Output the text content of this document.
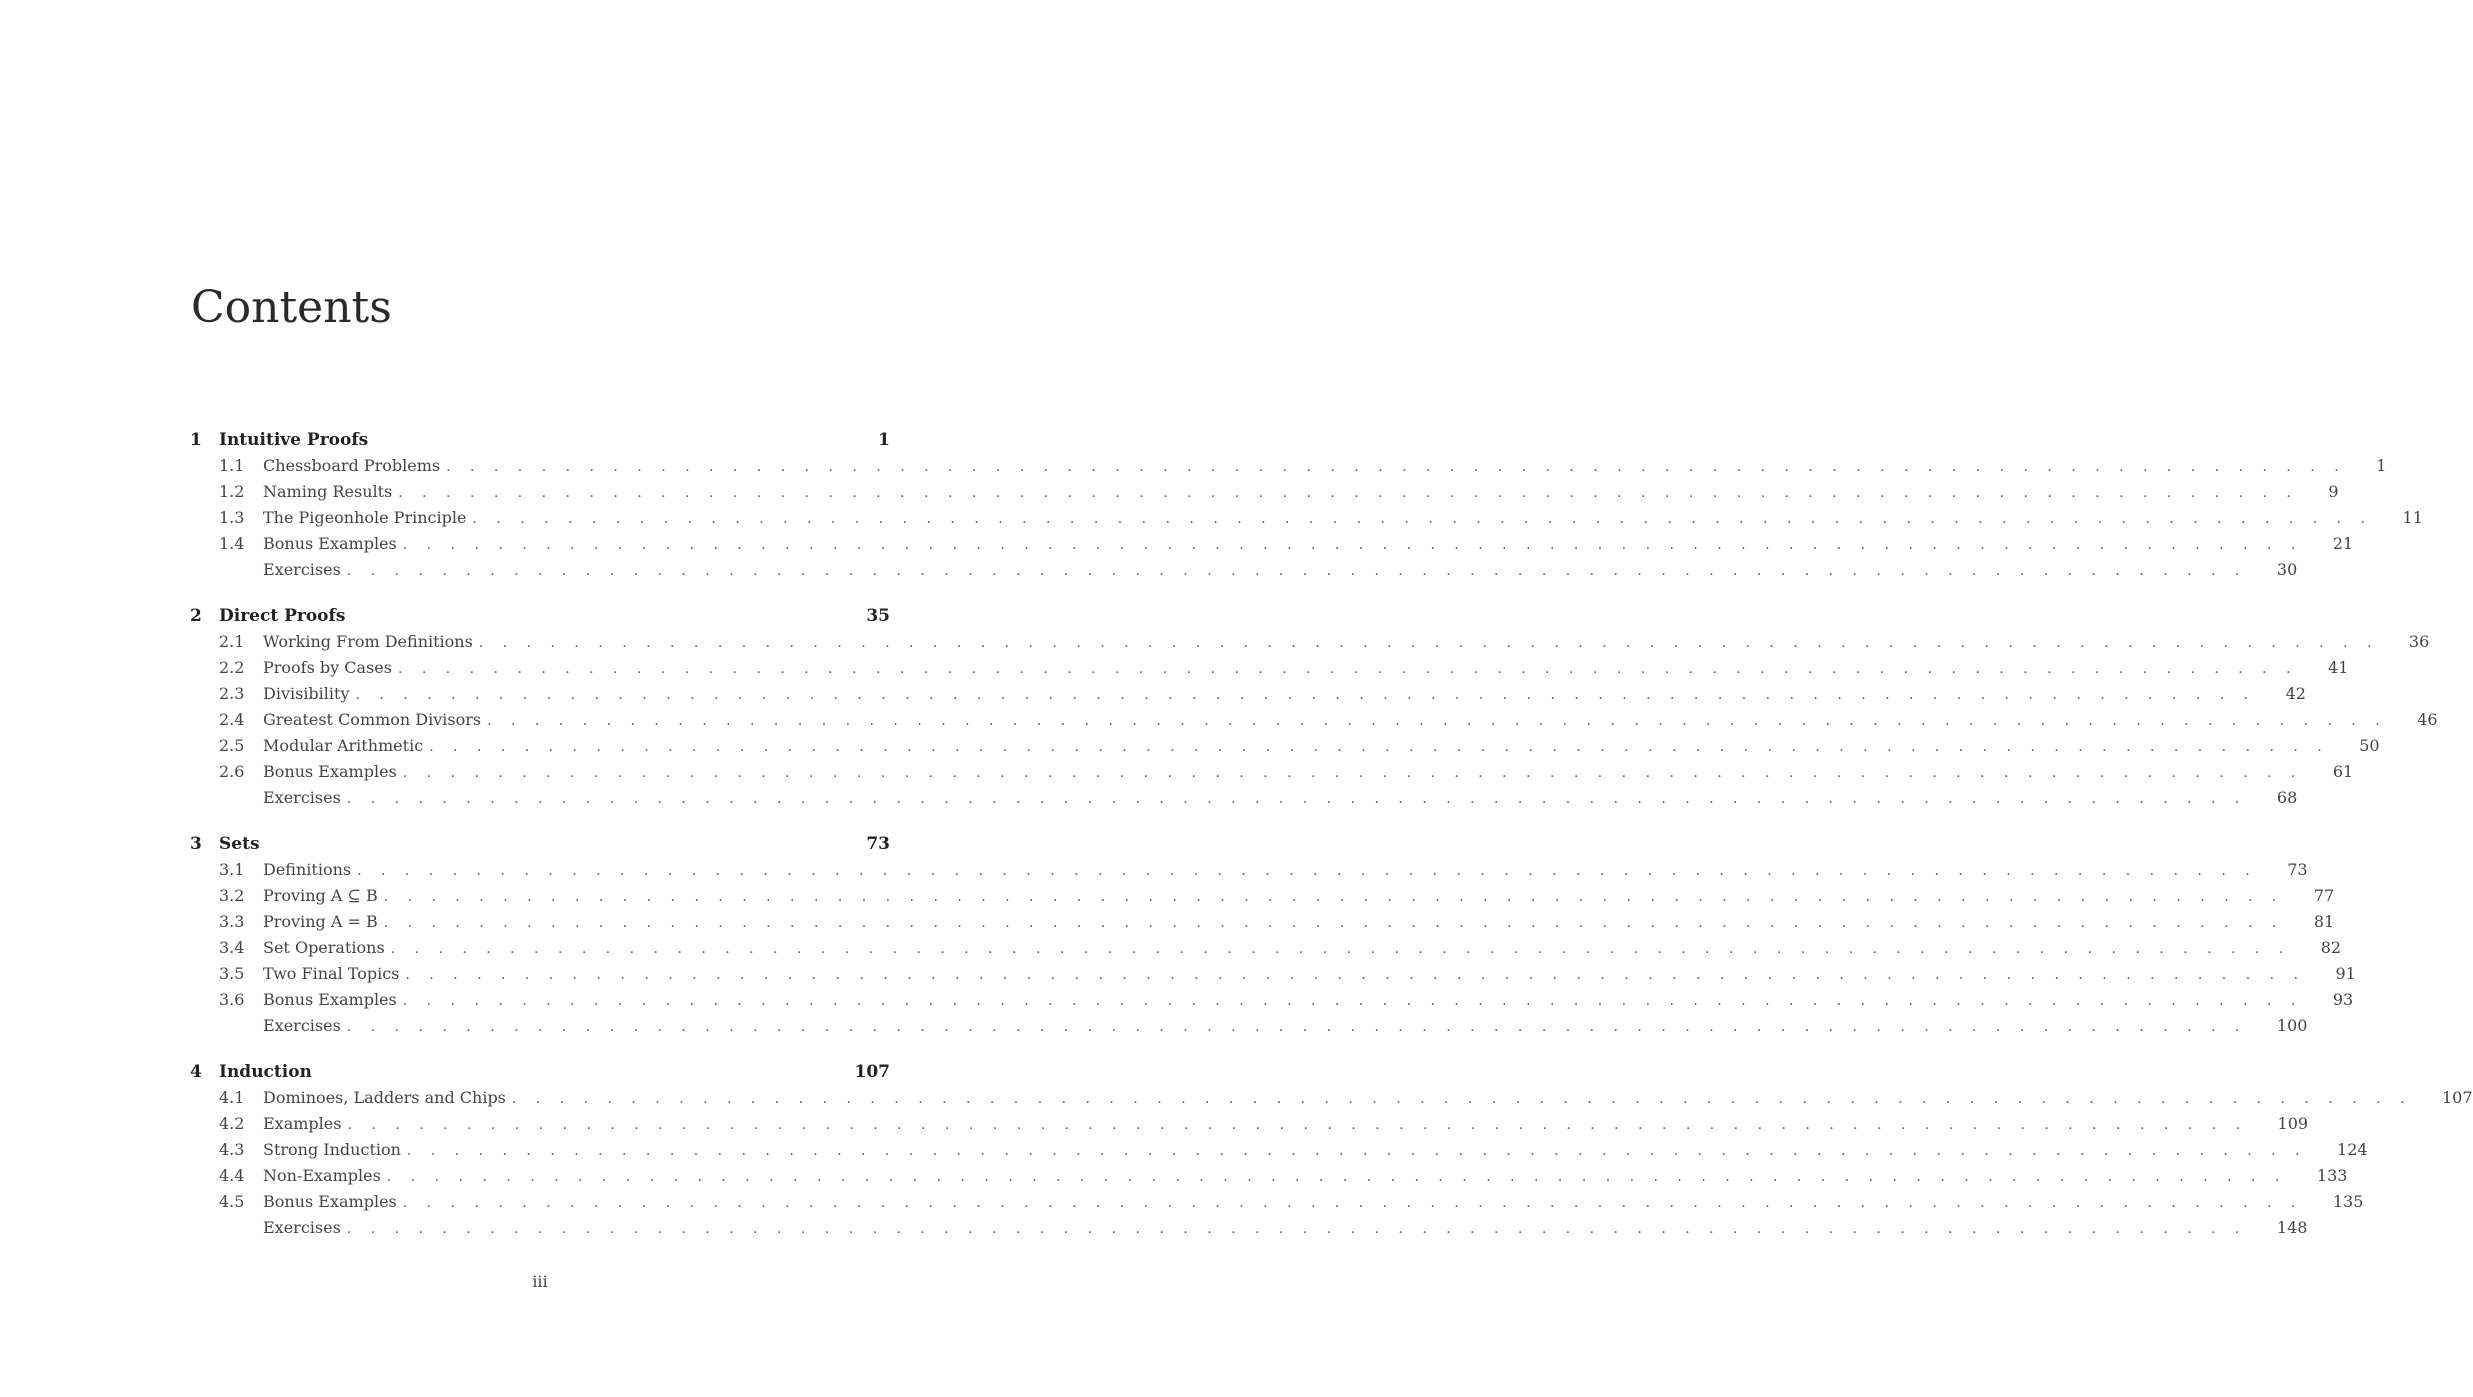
Contents
1 Intuitive Proofs	1
1.1 Chessboard Problems . . . . . . . . . . . . . . . . . . . . . . . . . . . . . . . . . . . . . . . . . . . . . . . . . . . . . . . . . . . . . . . . . . . . . . . . . . . . . . . . 1
1.2 Naming Results . . . . . . . . . . . . . . . . . . . . . . . . . . . . . . . . . . . . . . . . . . . . . . . . . . . . . . . . . . . . . . . . . . . . . . . . . . . . . . . . 9
1.3 The Pigeonhole Principle . . . . . . . . . . . . . . . . . . . . . . . . . . . . . . . . . . . . . . . . . . . . . . . . . . . . . . . . . . . . . . . . . . . . . . . . . . . . . . . . 11
1.4 Bonus Examples . . . . . . . . . . . . . . . . . . . . . . . . . . . . . . . . . . . . . . . . . . . . . . . . . . . . . . . . . . . . . . . . . . . . . . . . . . . . . . . . 21
Exercises . . . . . . . . . . . . . . . . . . . . . . . . . . . . . . . . . . . . . . . . . . . . . . . . . . . . . . . . . . . . . . . . . . . . . . . . . . . . . . . . 30
2 Direct Proofs	35
2.1 Working From Definitions . . . . . . . . . . . . . . . . . . . . . . . . . . . . . . . . . . . . . . . . . . . . . . . . . . . . . . . . . . . . . . . . . . . . . . . . . . . . . . . . 36
2.2 Proofs by Cases . . . . . . . . . . . . . . . . . . . . . . . . . . . . . . . . . . . . . . . . . . . . . . . . . . . . . . . . . . . . . . . . . . . . . . . . . . . . . . . . 41
2.3 Divisibility . . . . . . . . . . . . . . . . . . . . . . . . . . . . . . . . . . . . . . . . . . . . . . . . . . . . . . . . . . . . . . . . . . . . . . . . . . . . . . . . 42
2.4 Greatest Common Divisors . . . . . . . . . . . . . . . . . . . . . . . . . . . . . . . . . . . . . . . . . . . . . . . . . . . . . . . . . . . . . . . . . . . . . . . . . . . . . . . . 46
2.5 Modular Arithmetic . . . . . . . . . . . . . . . . . . . . . . . . . . . . . . . . . . . . . . . . . . . . . . . . . . . . . . . . . . . . . . . . . . . . . . . . . . . . . . . . 50
2.6 Bonus Examples . . . . . . . . . . . . . . . . . . . . . . . . . . . . . . . . . . . . . . . . . . . . . . . . . . . . . . . . . . . . . . . . . . . . . . . . . . . . . . . . 61
Exercises . . . . . . . . . . . . . . . . . . . . . . . . . . . . . . . . . . . . . . . . . . . . . . . . . . . . . . . . . . . . . . . . . . . . . . . . . . . . . . . . 68
3 Sets	73
3.1 Definitions . . . . . . . . . . . . . . . . . . . . . . . . . . . . . . . . . . . . . . . . . . . . . . . . . . . . . . . . . . . . . . . . . . . . . . . . . . . . . . . . 73
3.2 Proving A ⊆ B . . . . . . . . . . . . . . . . . . . . . . . . . . . . . . . . . . . . . . . . . . . . . . . . . . . . . . . . . . . . . . . . . . . . . . . . . . . . . . . . 77
3.3 Proving A = B . . . . . . . . . . . . . . . . . . . . . . . . . . . . . . . . . . . . . . . . . . . . . . . . . . . . . . . . . . . . . . . . . . . . . . . . . . . . . . . . 81
3.4 Set Operations . . . . . . . . . . . . . . . . . . . . . . . . . . . . . . . . . . . . . . . . . . . . . . . . . . . . . . . . . . . . . . . . . . . . . . . . . . . . . . . . 82
3.5 Two Final Topics . . . . . . . . . . . . . . . . . . . . . . . . . . . . . . . . . . . . . . . . . . . . . . . . . . . . . . . . . . . . . . . . . . . . . . . . . . . . . . . . 91
3.6 Bonus Examples . . . . . . . . . . . . . . . . . . . . . . . . . . . . . . . . . . . . . . . . . . . . . . . . . . . . . . . . . . . . . . . . . . . . . . . . . . . . . . . . 93
Exercises . . . . . . . . . . . . . . . . . . . . . . . . . . . . . . . . . . . . . . . . . . . . . . . . . . . . . . . . . . . . . . . . . . . . . . . . . . . . . . . . 100
4 Induction	107
4.1 Dominoes, Ladders and Chips . . . . . . . . . . . . . . . . . . . . . . . . . . . . . . . . . . . . . . . . . . . . . . . . . . . . . . . . . . . . . . . . . . . . . . . . . . . . . . . . 107
4.2 Examples . . . . . . . . . . . . . . . . . . . . . . . . . . . . . . . . . . . . . . . . . . . . . . . . . . . . . . . . . . . . . . . . . . . . . . . . . . . . . . . . 109
4.3 Strong Induction . . . . . . . . . . . . . . . . . . . . . . . . . . . . . . . . . . . . . . . . . . . . . . . . . . . . . . . . . . . . . . . . . . . . . . . . . . . . . . . . 124
4.4 Non-Examples . . . . . . . . . . . . . . . . . . . . . . . . . . . . . . . . . . . . . . . . . . . . . . . . . . . . . . . . . . . . . . . . . . . . . . . . . . . . . . . . 133
4.5 Bonus Examples . . . . . . . . . . . . . . . . . . . . . . . . . . . . . . . . . . . . . . . . . . . . . . . . . . . . . . . . . . . . . . . . . . . . . . . . . . . . . . . . 135
Exercises . . . . . . . . . . . . . . . . . . . . . . . . . . . . . . . . . . . . . . . . . . . . . . . . . . . . . . . . . . . . . . . . . . . . . . . . . . . . . . . . 148
iii
